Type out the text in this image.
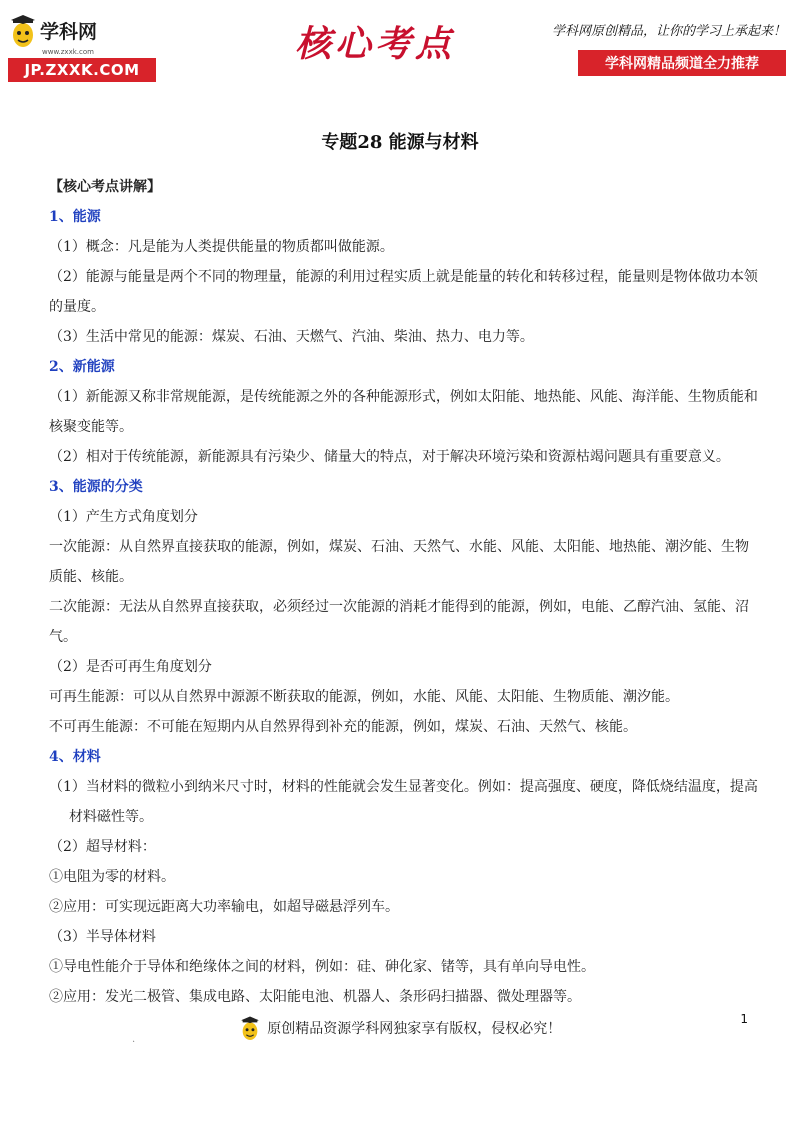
学科网
www.zxxk.com
JP.ZXXK.COM
核心考点	学科网原创精品，让你的学习上承起来！
学科网精品频道全力推荐
专题28 能源与材料

【核心考点讲解】

1、能源

（1）概念：凡是能为人类提供能量的物质都叫做能源。

（2）能源与能量是两个不同的物理量，能源的利用过程实质上就是能量的转化和转移过程，能量则是物体做功本领的量度。

（3）生活中常见的能源：煤炭、石油、天燃气、汽油、柴油、热力、电力等。

2、新能源

（1）新能源又称非常规能源，是传统能源之外的各种能源形式，例如太阳能、地热能、风能、海洋能、生物质能和核聚变能等。

（2）相对于传统能源，新能源具有污染少、储量大的特点，对于解决环境污染和资源枯竭问题具有重要意义。

3、能源的分类

（1）产生方式角度划分

一次能源：从自然界直接获取的能源，例如，煤炭、石油、天然气、水能、风能、太阳能、地热能、潮汐能、生物质能、核能。

二次能源：无法从自然界直接获取，必须经过一次能源的消耗才能得到的能源，例如，电能、乙醇汽油、氢能、沼气。

（2）是否可再生角度划分

可再生能源：可以从自然界中源源不断获取的能源，例如，水能、风能、太阳能、生物质能、潮汐能。

不可再生能源：不可能在短期内从自然界得到补充的能源，例如，煤炭、石油、天然气、核能。

4、材料

（1）当材料的微粒小到纳米尺寸时，材料的性能就会发生显著变化。例如：提高强度、硬度，降低烧结温度，提高材料磁性等。

（2）超导材料：

①电阻为零的材料。

②应用：可实现远距离大功率输电，如超导磁悬浮列车。

（3）半导体材料

①导电性能介于导体和绝缘体之间的材料，例如：硅、砷化家、锗等，具有单向导电性。

②应用：发光二极管、集成电路、太阳能电池、机器人、条形码扫描器、微处理器等。

原创精品资源学科网独家享有版权，侵权必究！
1
.
